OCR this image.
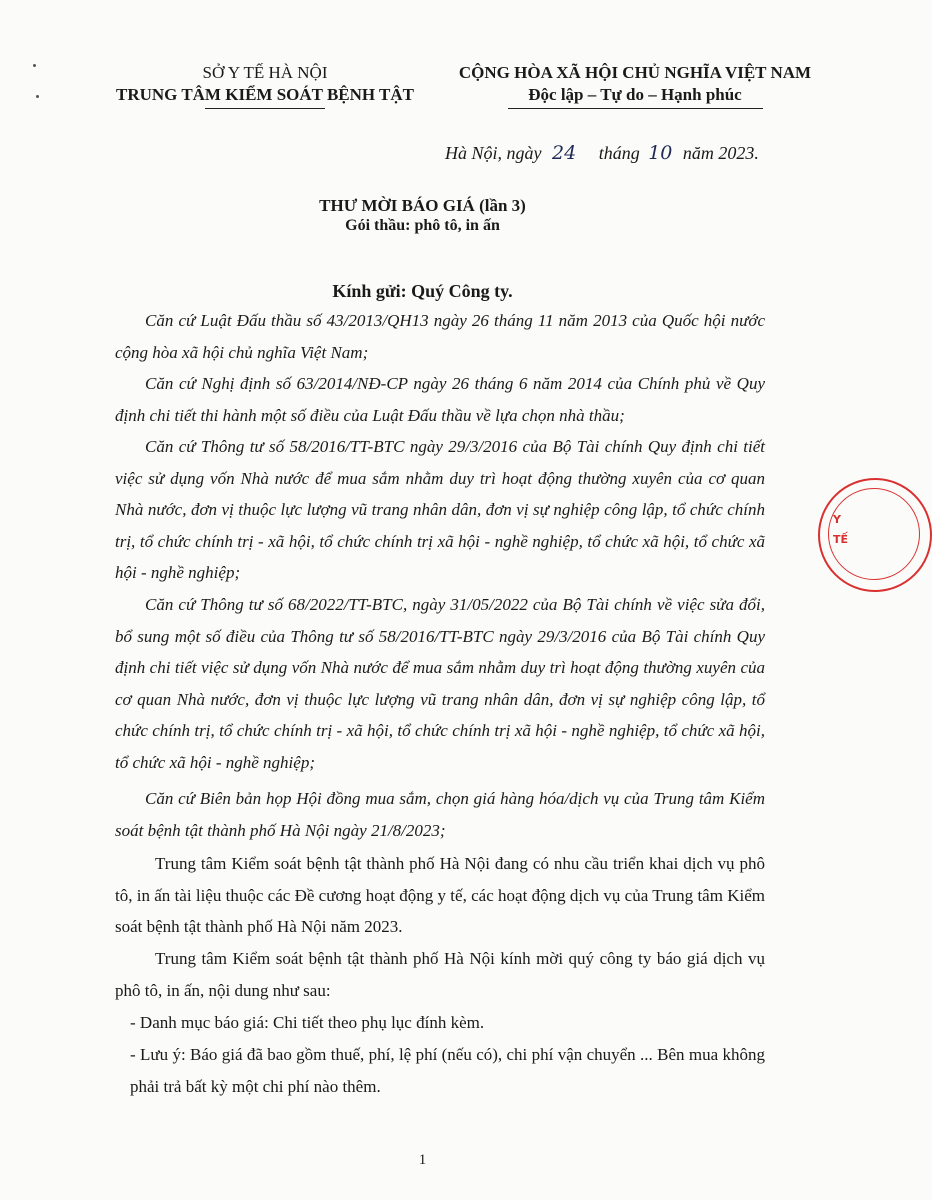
SỞ Y TẾ HÀ NỘI
TRUNG TÂM KIỂM SOÁT BỆNH TẬT
CỘNG HÒA XÃ HỘI CHỦ NGHĨA VIỆT NAM
Độc lập – Tự do – Hạnh phúc
Hà Nội, ngày 24 tháng 10 năm 2023.
THƯ MỜI BÁO GIÁ (lần 3)
Gói thầu: phô tô, in ấn
Kính gửi: Quý Công ty.
Căn cứ Luật Đấu thầu số 43/2013/QH13 ngày 26 tháng 11 năm 2013 của Quốc hội nước cộng hòa xã hội chủ nghĩa Việt Nam;
Căn cứ Nghị định số 63/2014/NĐ-CP ngày 26 tháng 6 năm 2014 của Chính phủ về Quy định chi tiết thi hành một số điều của Luật Đấu thầu về lựa chọn nhà thầu;
Căn cứ Thông tư số 58/2016/TT-BTC ngày 29/3/2016 của Bộ Tài chính Quy định chi tiết việc sử dụng vốn Nhà nước để mua sắm nhằm duy trì hoạt động thường xuyên của cơ quan Nhà nước, đơn vị thuộc lực lượng vũ trang nhân dân, đơn vị sự nghiệp công lập, tổ chức chính trị, tổ chức chính trị - xã hội, tổ chức chính trị xã hội - nghề nghiệp, tổ chức xã hội, tổ chức xã hội - nghề nghiệp;
Căn cứ Thông tư số 68/2022/TT-BTC, ngày 31/05/2022 của Bộ Tài chính về việc sửa đổi, bổ sung một số điều của Thông tư số 58/2016/TT-BTC ngày 29/3/2016 của Bộ Tài chính Quy định chi tiết việc sử dụng vốn Nhà nước để mua sắm nhằm duy trì hoạt động thường xuyên của cơ quan Nhà nước, đơn vị thuộc lực lượng vũ trang nhân dân, đơn vị sự nghiệp công lập, tổ chức chính trị, tổ chức chính trị - xã hội, tổ chức chính trị xã hội - nghề nghiệp, tổ chức xã hội, tổ chức xã hội - nghề nghiệp;
Căn cứ Biên bản họp Hội đồng mua sắm, chọn giá hàng hóa/dịch vụ của Trung tâm Kiểm soát bệnh tật thành phố Hà Nội ngày 21/8/2023;
Trung tâm Kiểm soát bệnh tật thành phố Hà Nội đang có nhu cầu triển khai dịch vụ phô tô, in ấn tài liệu thuộc các Đề cương hoạt động y tế, các hoạt động dịch vụ của Trung tâm Kiểm soát bệnh tật thành phố Hà Nội năm 2023.
Trung tâm Kiểm soát bệnh tật thành phố Hà Nội kính mời quý công ty báo giá dịch vụ phô tô, in ấn, nội dung như sau:
- Danh mục báo giá: Chi tiết theo phụ lục đính kèm.
- Lưu ý: Báo giá đã bao gồm thuế, phí, lệ phí (nếu có), chi phí vận chuyển ... Bên mua không phải trả bất kỳ một chi phí nào thêm.
1
Y
TẾ
